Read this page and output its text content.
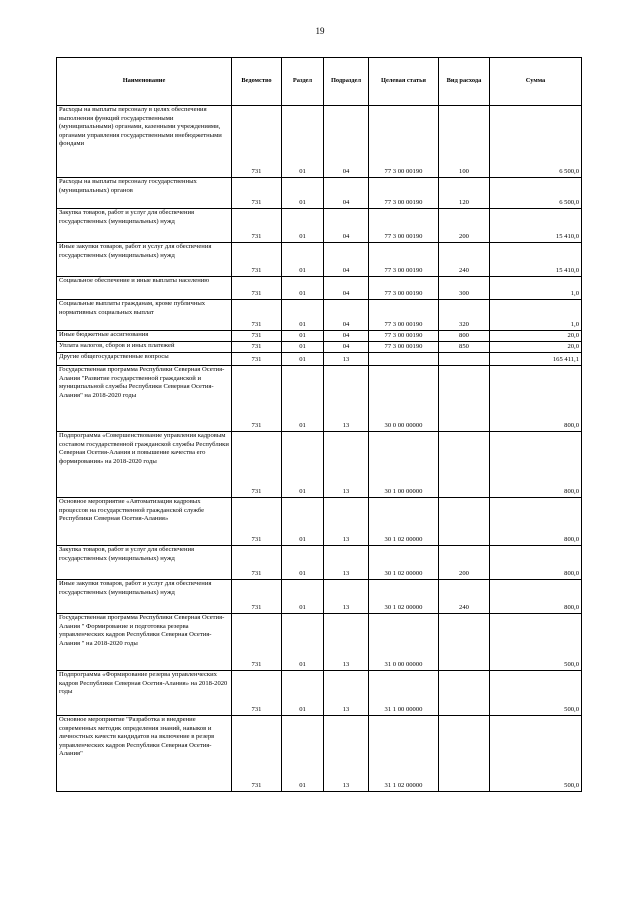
19
Наименование	Ведомство	Раздел	Подраздел	Целевая статья	Вид расхода	Сумма
Расходы на выплаты персоналу в целях обеспечения выполнения функций государственными (муниципальными) органами, казенными учреждениями, органами управления государственными внебюджетными фондами	731	01	04	77 3 00 00190	100	6 500,0
Расходы на выплаты персоналу государственных (муниципальных) органов	731	01	04	77 3 00 00190	120	6 500,0
Закупка товаров, работ и услуг для обеспечения государственных (муниципальных) нужд	731	01	04	77 3 00 00190	200	15 410,0
Иные закупки товаров, работ и услуг для обеспечения государственных (муниципальных) нужд	731	01	04	77 3 00 00190	240	15 410,0
Социальное обеспечение и иные выплаты населению	731	01	04	77 3 00 00190	300	1,0
Социальные выплаты гражданам, кроме публичных нормативных социальных выплат	731	01	04	77 3 00 00190	320	1,0
Иные бюджетные ассигнования	731	01	04	77 3 00 00190	800	20,0
Уплата налогов, сборов и иных платежей	731	01	04	77 3 00 00190	850	20,0
Другие общегосударственные вопросы	731	01	13			165 411,1
Государственная программа Республики Северная Осетия-Алания "Развитие государственной гражданской и муниципальной службы Республики Северная Осетия-Алания" на 2018-2020 годы	731	01	13	30 0 00 00000		800,0
Подпрограмма «Совершенствование управления кадровым составом государственной гражданской службы Республики Северная Осетия-Алания и повышение качества его формирования» на 2018-2020 годы	731	01	13	30 1 00 00000		800,0
Основное мероприятие «Автоматизация кадровых процессов на государственной гражданской службе Республики Северная Осетия-Алания»	731	01	13	30 1 02 00000		800,0
Закупка товаров, работ и услуг для обеспечения государственных (муниципальных) нужд	731	01	13	30 1 02 00000	200	800,0
Иные закупки товаров, работ и услуг для обеспечения государственных (муниципальных) нужд	731	01	13	30 1 02 00000	240	800,0
Государственная программа Республики Северная Осетия-Алания " Формирование и подготовка резерва управленческих кадров Республики Северная Осетия-Алания " на 2018-2020 годы	731	01	13	31 0 00 00000		500,0
Подпрограмма «Формирование резерва управленческих кадров Республики Северная Осетия-Алания» на 2018-2020 годы	731	01	13	31 1 00 00000		500,0
Основное мероприятие "Разработка и внедрение современных методик определения знаний, навыков и личностных качеств кандидатов на включение в резерв управленческих кадров Республики Северная Осетия-Алания"	731	01	13	31 1 02 00000		500,0
